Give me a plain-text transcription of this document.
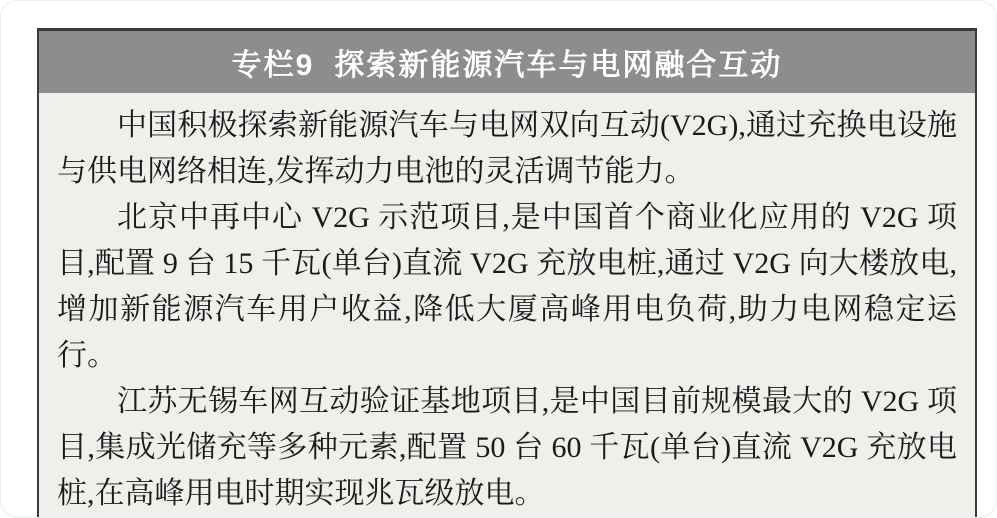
专栏9 探索新能源汽车与电网融合互动

中国积极探索新能源汽车与电网双向互动(V2G),通过充换电设施与供电网络相连,发挥动力电池的灵活调节能力。

北京中再中心 V2G 示范项目,是中国首个商业化应用的 V2G 项目,配置 9 台 15 千瓦(单台)直流 V2G 充放电桩,通过 V2G 向大楼放电,增加新能源汽车用户收益,降低大厦高峰用电负荷,助力电网稳定运行。

江苏无锡车网互动验证基地项目,是中国目前规模最大的 V2G 项目,集成光储充等多种元素,配置 50 台 60 千瓦(单台)直流 V2G 充放电桩,在高峰用电时期实现兆瓦级放电。
